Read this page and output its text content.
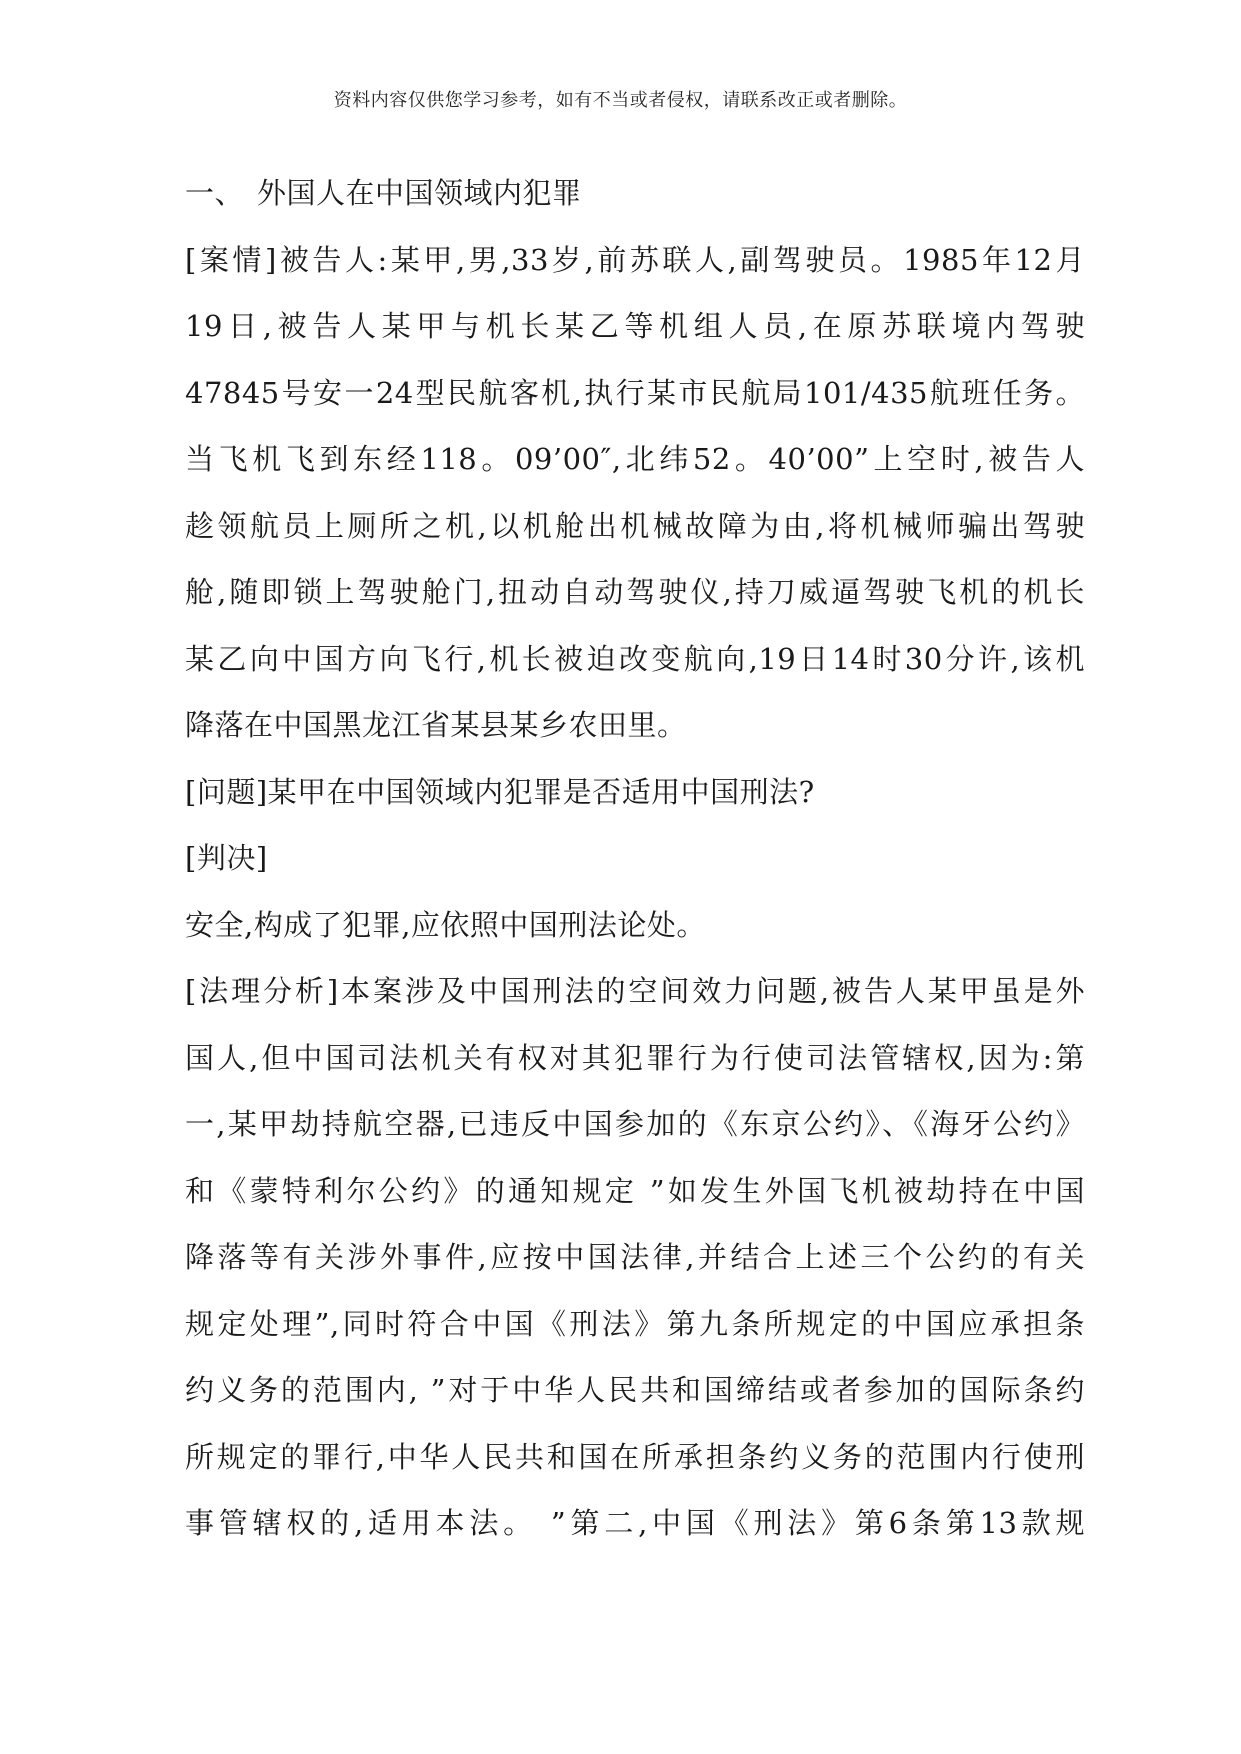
资料内容仅供您学习参考，如有不当或者侵权，请联系改正或者删除。
一、 外国人在中国领域内犯罪
[案情]被告人:某甲,男,33岁,前苏联人,副驾驶员。1985年12月
19日,被告人某甲与机长某乙等机组人员,在原苏联境内驾驶
47845号安一24型民航客机,执行某市民航局101/435航班任务。
当飞机飞到东经118。09’00″,北纬52。40’00”上空时,被告人
趁领航员上厕所之机,以机舱出机械故障为由,将机械师骗出驾驶
舱,随即锁上驾驶舱门,扭动自动驾驶仪,持刀威逼驾驶飞机的机长
某乙向中国方向飞行,机长被迫改变航向,19日14时30分许,该机
降落在中国黑龙江省某县某乡农田里。
[问题]某甲在中国领域内犯罪是否适用中国刑法?
[判决]
安全,构成了犯罪,应依照中国刑法论处。
[法理分析]本案涉及中国刑法的空间效力问题,被告人某甲虽是外
国人,但中国司法机关有权对其犯罪行为行使司法管辖权,因为:第
一,某甲劫持航空器,已违反中国参加的《东京公约》、《海牙公约》
和《蒙特利尔公约》的通知规定 ”如发生外国飞机被劫持在中国
降落等有关涉外事件,应按中国法律,并结合上述三个公约的有关
规定处理”,同时符合中国《刑法》第九条所规定的中国应承担条
约义务的范围内, ”对于中华人民共和国缔结或者参加的国际条约
所规定的罪行,中华人民共和国在所承担条约义务的范围内行使刑
事管辖权的,适用本法。 ”第二,中国《刑法》第6条第13款规
